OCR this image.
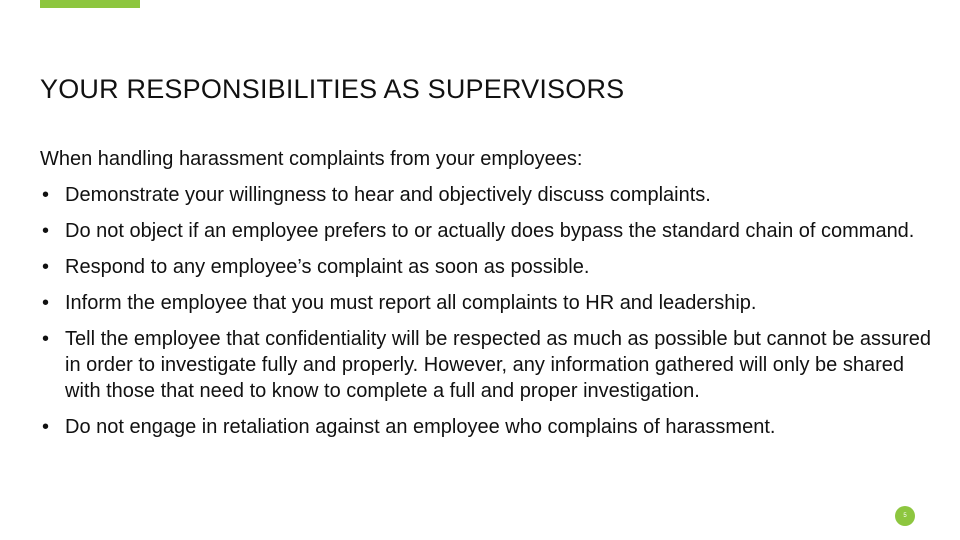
YOUR RESPONSIBILITIES AS SUPERVISORS

When handling harassment complaints from your employees:

• Demonstrate your willingness to hear and objectively discuss complaints.
• Do not object if an employee prefers to or actually does bypass the standard chain of command.
• Respond to any employee’s complaint as soon as possible.
• Inform the employee that you must report all complaints to HR and leadership.
• Tell the employee that confidentiality will be respected as much as possible but cannot be assured in order to investigate fully and properly. However, any information gathered will only be shared with those that need to know to complete a full and proper investigation.
• Do not engage in retaliation against an employee who complains of harassment.
5
